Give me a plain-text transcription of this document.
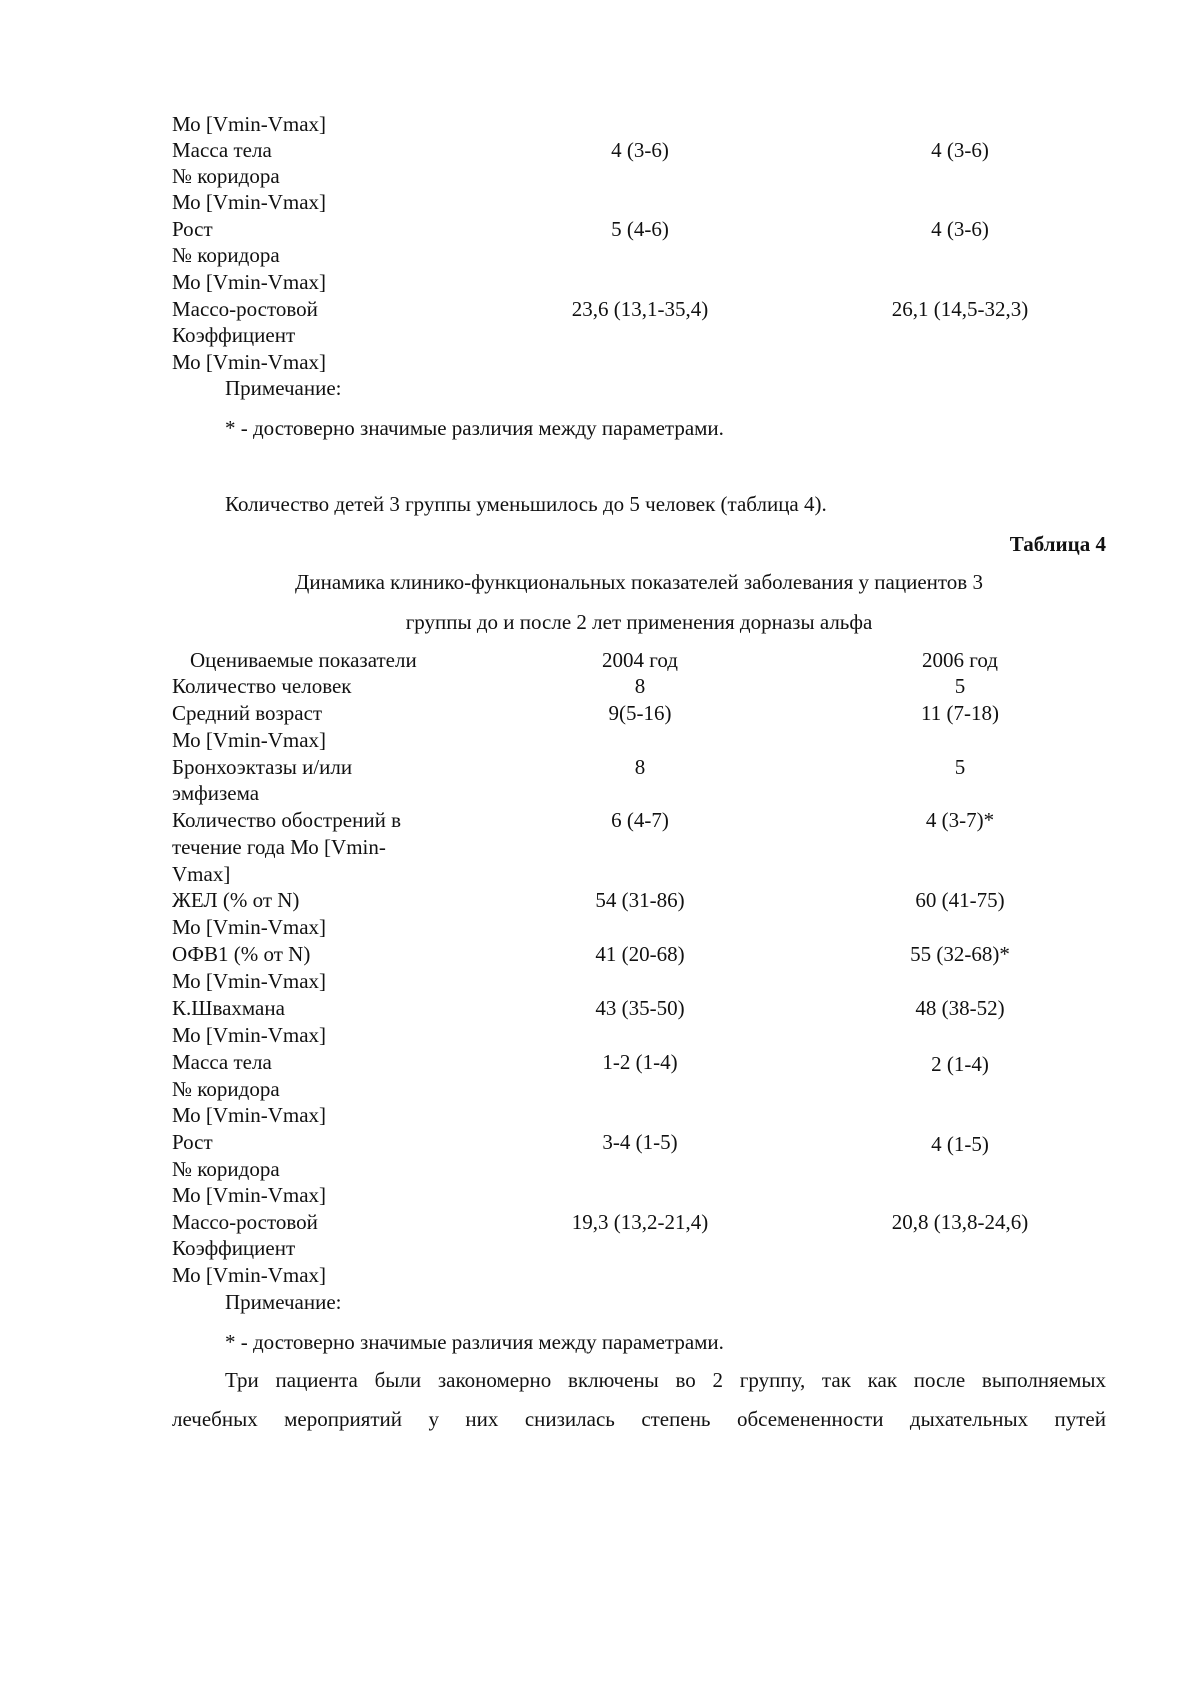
Мо [Vmin-Vmax]
Масса тела	4 (3-6)	4 (3-6)
№ коридора
Мо [Vmin-Vmax]
Рост	5 (4-6)	4 (3-6)
№ коридора
Мо [Vmin-Vmax]
Массо-ростовой	23,6 (13,1-35,4)	26,1 (14,5-32,3)
Коэффициент
Мо [Vmin-Vmax]
Примечание:
* - достоверно значимые различия между параметрами.
Количество детей 3 группы уменьшилось до 5 человек (таблица 4).
Таблица 4
Динамика клинико-функциональных показателей заболевания у пациентов 3
группы до и после 2 лет применения дорназы альфа
Оцениваемые показатели	2004 год	2006 год
Количество человек	8	5
Средний возраст	9(5-16)	11 (7-18)
Мо [Vmin-Vmax]
Бронхоэктазы и/или	8	5
эмфизема
Количество обострений в	6 (4-7)	4 (3-7)*
течение года Мо [Vmin-
Vmax]
ЖЕЛ (% от N)	54 (31-86)	60 (41-75)
Мо [Vmin-Vmax]
ОФВ1 (% от N)	41 (20-68)	55 (32-68)*
Мо [Vmin-Vmax]
К.Швахмана	43 (35-50)	48 (38-52)
Мо [Vmin-Vmax]
Масса тела	1-2 (1-4)	2 (1-4)
№ коридора
Мо [Vmin-Vmax]
Рост	3-4 (1-5)	4 (1-5)
№ коридора
Мо [Vmin-Vmax]
Массо-ростовой	19,3 (13,2-21,4)	20,8 (13,8-24,6)
Коэффициент
Мо [Vmin-Vmax]
Примечание:
* - достоверно значимые различия между параметрами.
Три пациента были закономерно включены во 2 группу, так как после выполняемых
лечебных мероприятий у них снизилась степень обсемененности дыхательных путей
